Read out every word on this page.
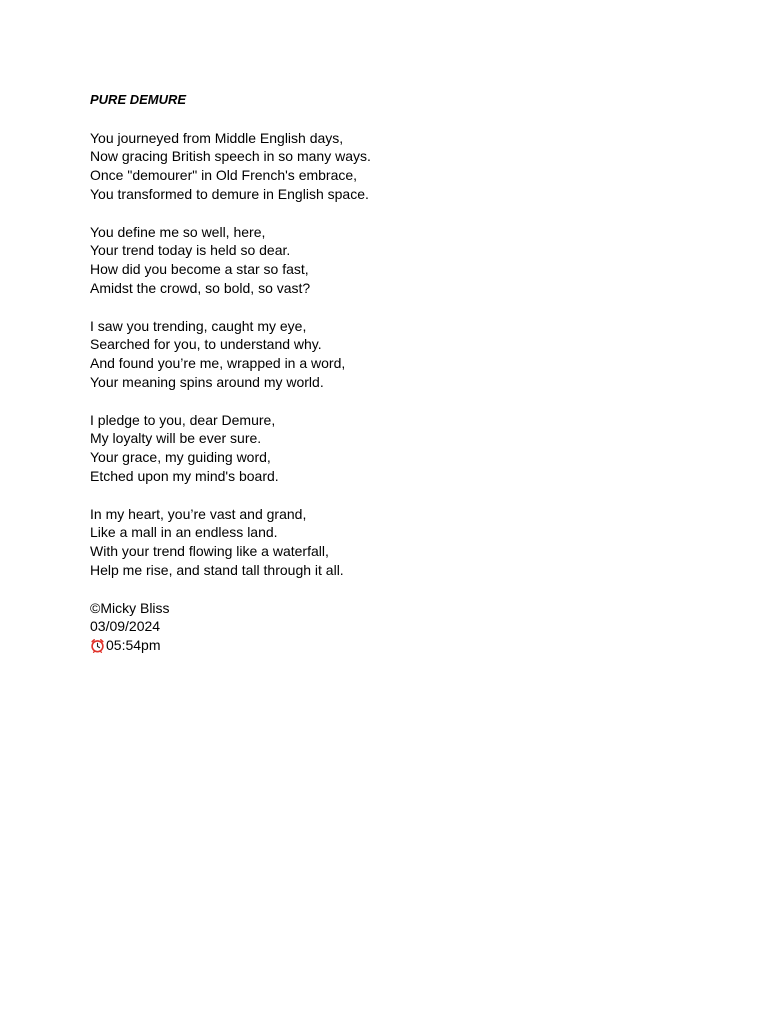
PURE DEMURE
You journeyed from Middle English days,
Now gracing British speech in so many ways.
Once "demourer" in Old French's embrace,
You transformed to demure in English space.
You define me so well, here,
Your trend today is held so dear.
How did you become a star so fast,
Amidst the crowd, so bold, so vast?
I saw you trending, caught my eye,
Searched for you, to understand why.
And found you’re me, wrapped in a word,
Your meaning spins around my world.
I pledge to you, dear Demure,
My loyalty will be ever sure.
Your grace, my guiding word,
Etched upon my mind's board.
In my heart, you’re vast and grand,
Like a mall in an endless land.
With your trend flowing like a waterfall,
Help me rise, and stand tall through it all.
©Micky Bliss
03/09/2024
05:54pm
